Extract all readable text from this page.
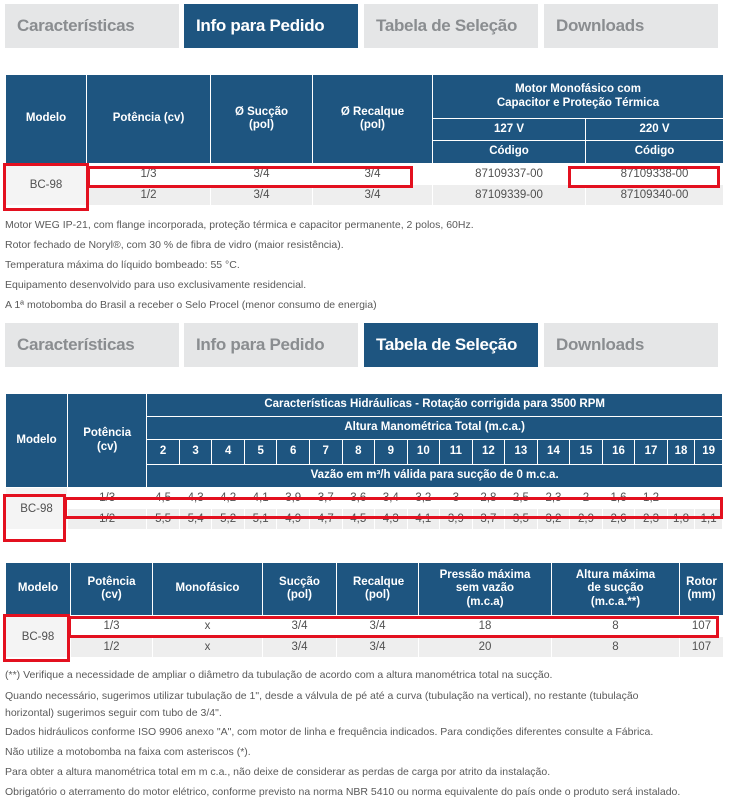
Características	Info para Pedido	Tabela de Seleção	Downloads
Modelo	Potência (cv)	Ø Sucção (pol)	Ø Recalque (pol)	Motor Monofásico com
Capacitor e Proteção Térmica	

				127 V	220 V
				Código	Código
BC-98	1/3	3/4	3/4	87109337-00	87109338-00
	1/2	3/4	3/4	87109339-00	87109340-00

Motor WEG IP-21, com flange incorporada, proteção térmica e capacitor permanente, 2 polos, 60Hz.

Rotor fechado de Noryl®, com 30 % de fibra de vidro (maior resistência).

Temperatura máxima do líquido bombeado: 55 °C.

Equipamento desenvolvido para uso exclusivamente residencial.

A 1ª motobomba do Brasil a receber o Selo Procel (menor consumo de energia)

Características	Info para Pedido	Tabela de Seleção	Downloads
Modelo	Potência (cv)	Características Hidráulicas - Rotação corrigida para 3500 RPM																	
		Altura Manométrica Total (m.c.a.)																	
		2	3	4	5	6	7	8	9	10	11	12	13	14	15	16	17	18	19
		Vazão em m³/h válida para sucção de 0 m.c.a.																	
BC-98	1/3	4,5	4,3	4,2	4,1	3,9	3,7	3,6	3,4	3,2	3	2,8	2,5	2,3	2	1,6	1,2		
	1/2	5,5	5,4	5,2	5,1	4,9	4,7	4,5	4,3	4,1	3,9	3,7	3,5	3,2	2,9	2,6	2,3	1,8	1,1
Modelo	Potência (cv)	Monofásico	Sucção (pol)	Recalque (pol)	Pressão máxima sem vazão (m.c.a)	Altura máxima de sucção (m.c.a.**)	Rotor (mm)
BC-98	1/3	x	3/4	3/4	18	8	107
	1/2	x	3/4	3/4	20	8	107

(**) Verifique a necessidade de ampliar o diâmetro da tubulação de acordo com a altura manométrica total na sucção.

Quando necessário, sugerimos utilizar tubulação de 1", desde a válvula de pé até a curva (tubulação na vertical), no restante (tubulação

horizontal) sugerimos seguir com tubo de 3/4".

Dados hidráulicos conforme ISO 9906 anexo "A", com motor de linha e frequência indicados. Para condições diferentes consulte a Fábrica.

Não utilize a motobomba na faixa com asteriscos (*).

Para obter a altura manométrica total em m c.a., não deixe de considerar as perdas de carga por atrito da instalação.

Obrigatório o aterramento do motor elétrico, conforme previsto na norma NBR 5410 ou norma equivalente do país onde o produto será instalado.
